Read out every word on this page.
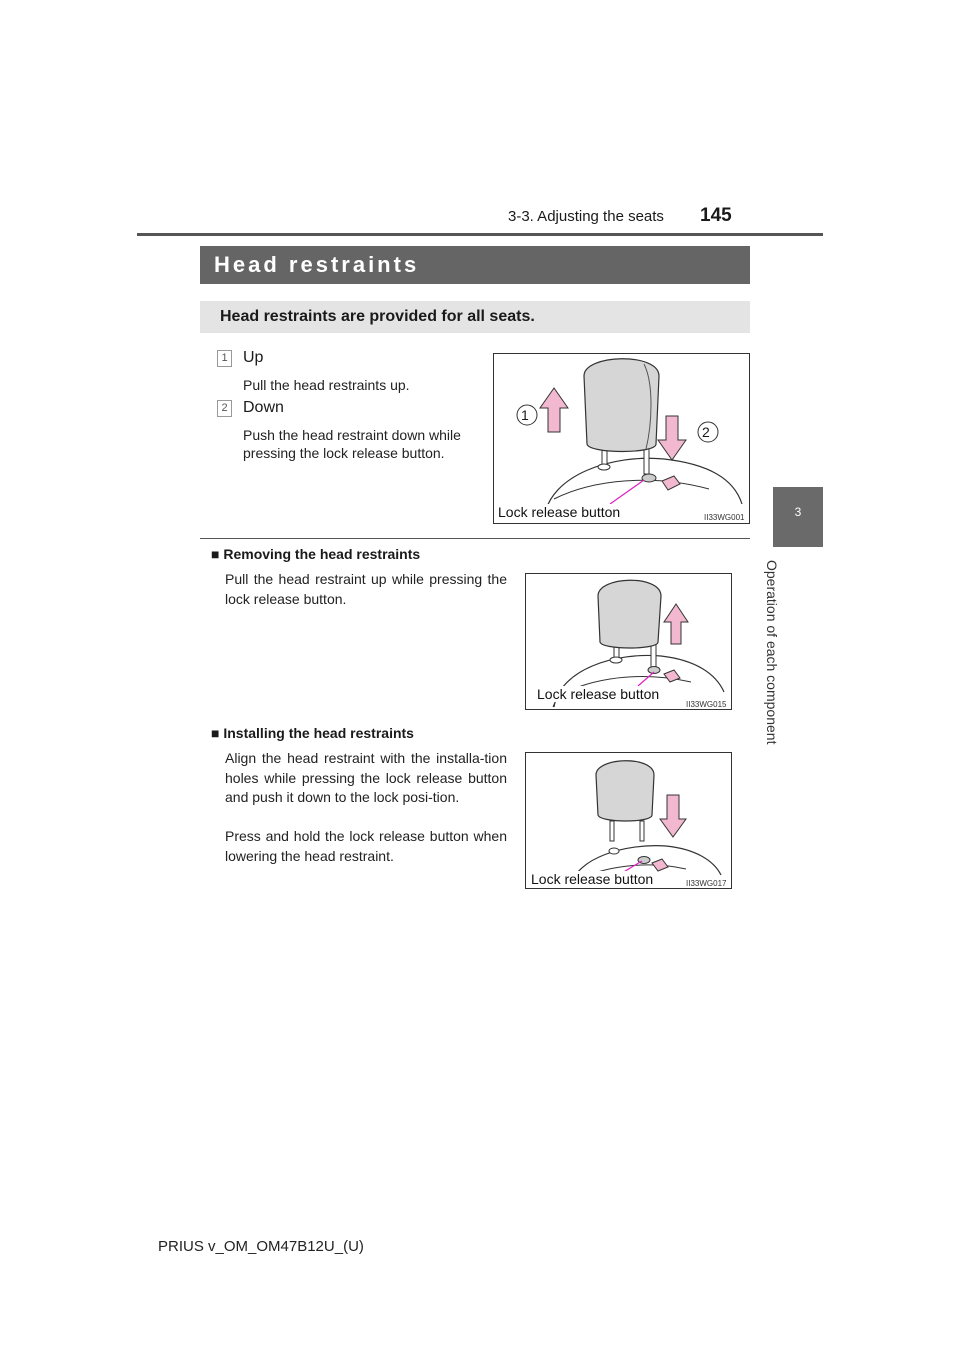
3-3. Adjusting the seats 145
3
Operation of each component
Head restraints
Head restraints are provided for all seats.
1 Up
Pull the head restraints up.
2 Down
Push the head restraint down while
pressing the lock release button.
1
2
Lock release button	II33WG001
■ Removing the head restraints
Pull the head restraint up while pressing the lock release button.
Lock release button
II33WG015
■ Installing the head restraints
Align the head restraint with the installa-tion holes while pressing the lock release button and push it down to the lock posi-tion.
Press and hold the lock release button when lowering the head restraint.
Lock release button	II33WG017
PRIUS v_OM_OM47B12U_(U)
